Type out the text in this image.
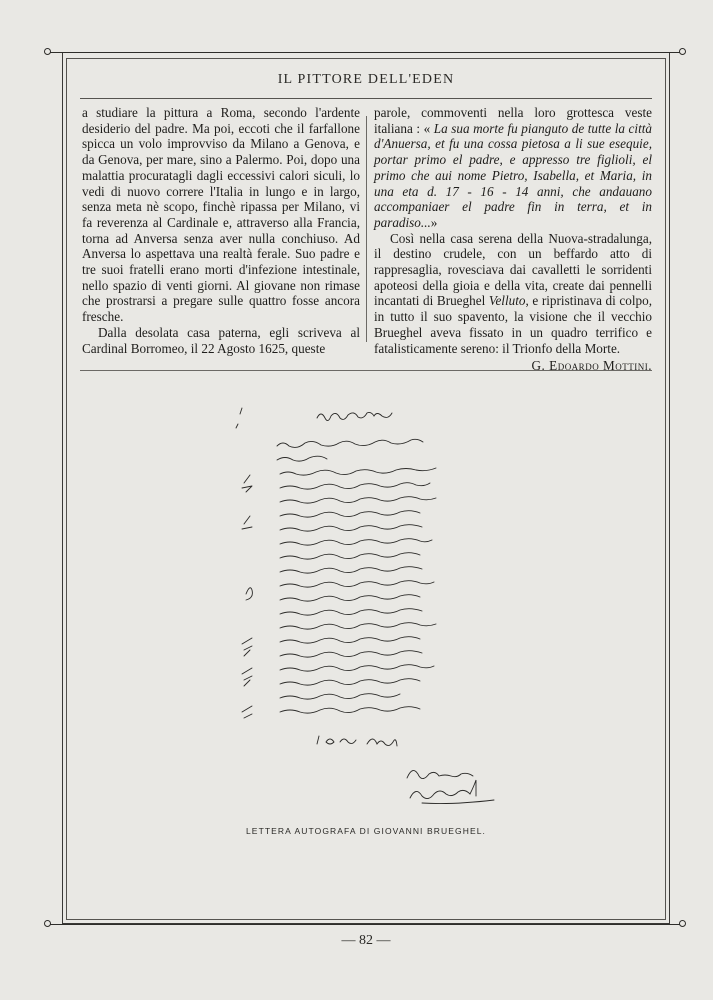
IL PITTORE DELL'EDEN

a studiare la pittura a Roma, secondo l'ardente desiderio del padre. Ma poi, eccoti che il farfallone spicca un volo improvviso da Milano a Genova, e da Genova, per mare, sino a Palermo. Poi, dopo una malattia procuratagli dagli eccessivi calori siculi, lo vedi di nuovo correre l'Italia in lungo e in largo, senza meta nè scopo, finchè ripassa per Milano, vi fa reverenza al Cardinale e, attraverso alla Francia, torna ad Anversa senza aver nulla conchiuso. Ad Anversa lo aspettava una realtà ferale. Suo padre e tre suoi fratelli erano morti d'infezione intestinale, nello spazio di venti giorni. Al giovane non rimase che prostrarsi a pregare sulle quattro fosse ancora fresche.

Dalla desolata casa paterna, egli scriveva al Cardinal Borromeo, il 22 Agosto 1625, queste

parole, commoventi nella loro grottesca veste italiana : « La sua morte fu pianguto de tutte la città d'Anuersa, et fu una cossa pietosa a li sue esequie, portar primo el padre, e appresso tre figlioli, el primo che aui nome Pietro, Isabella, et Maria, in una eta d. 17 - 16 - 14 anni, che andauano accompaniaer el padre fin in terra, et in paradiso...»

Così nella casa serena della Nuova-stradalunga, il destino crudele, con un beffardo atto di rappresaglia, rovesciava dai cavalletti le sorridenti apoteosi della gioia e della vita, create dai pennelli incantati di Brueghel Velluto, e ripristinava di colpo, in tutto il suo spavento, la visione che il vecchio Brueghel aveva fissato in un quadro terrifico e fatalisticamente sereno: il Trionfo della Morte.

G. Edoardo Mottini.

LETTERA AUTOGRAFA DI GIOVANNI BRUEGHEL.
— 82 —
